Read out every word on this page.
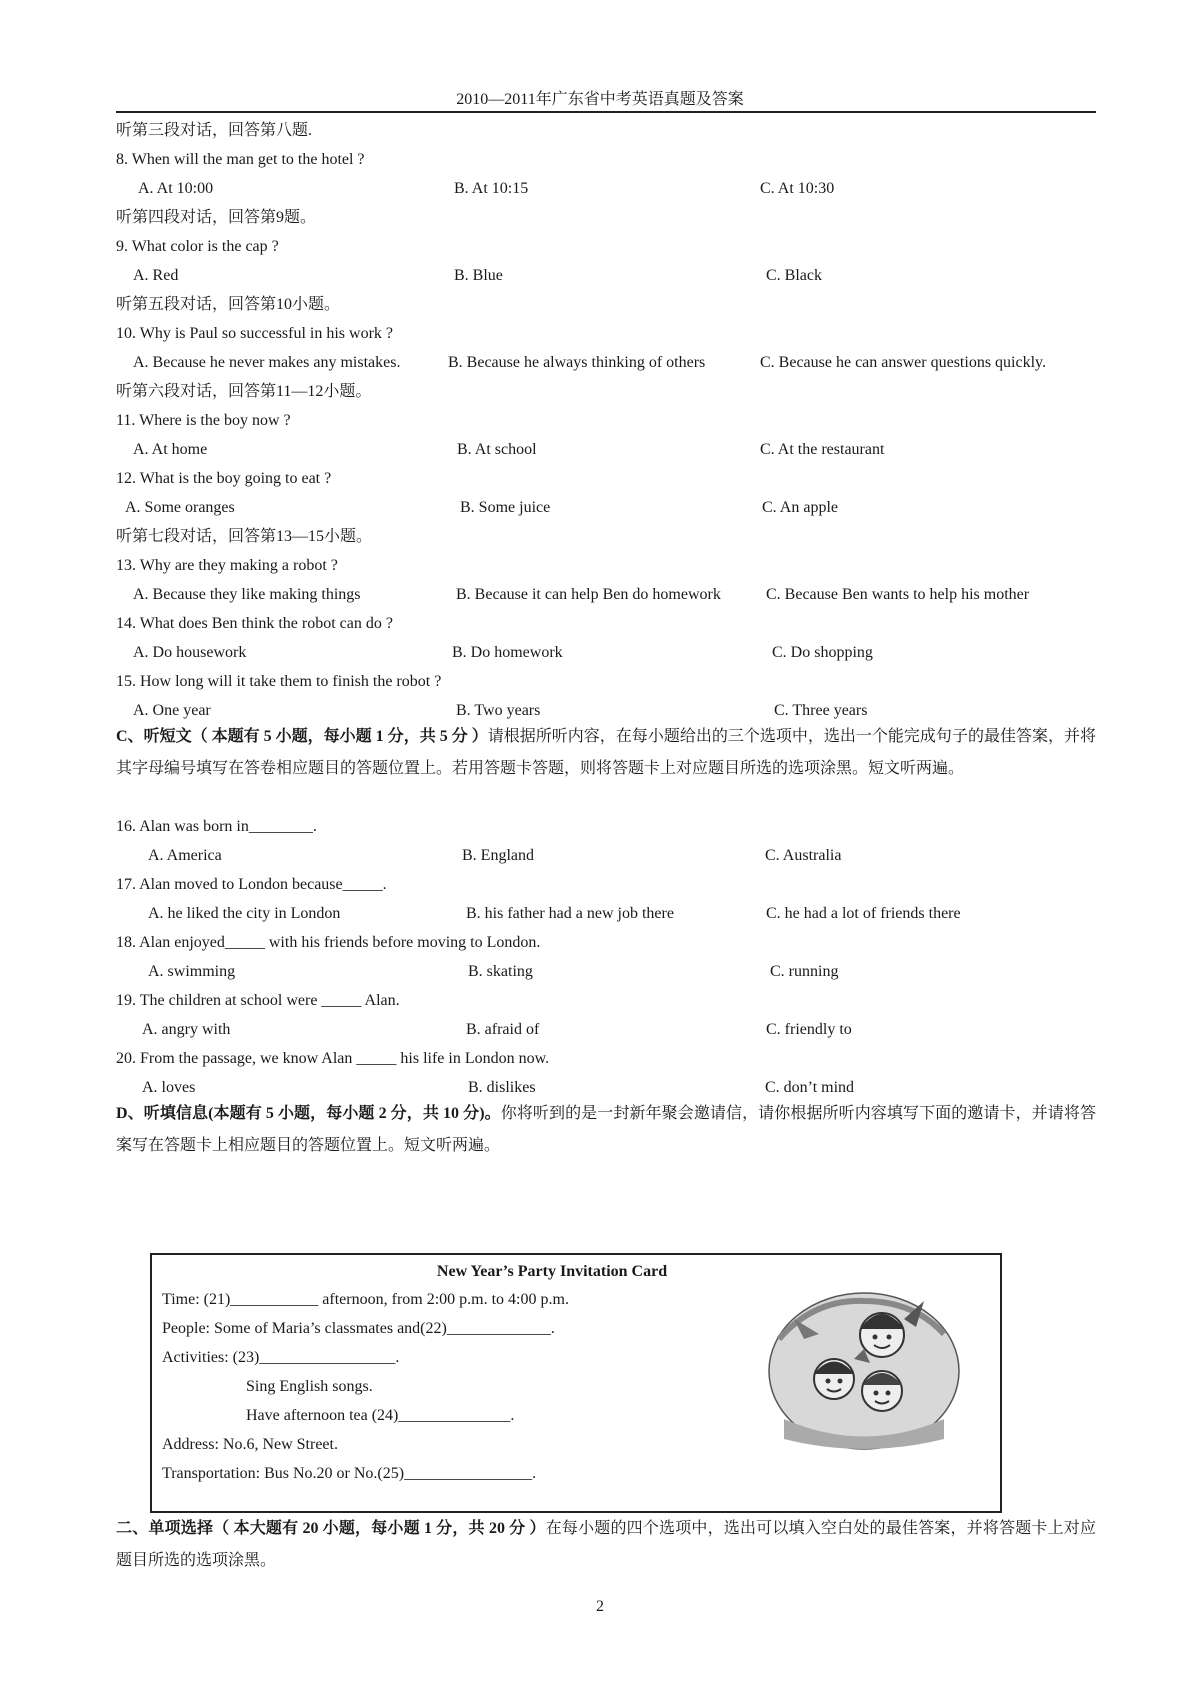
2010—2011年广东省中考英语真题及答案
听第三段对话，回答第八题.
8. When will the man get to the hotel ?
A. At 10:00	B. At 10:15	C. At 10:30
听第四段对话，回答第9题。
9. What color is the cap ?
A. Red	B. Blue	C. Black
听第五段对话，回答第10小题。
10. Why is Paul so successful in his work ?
A. Because he never makes any mistakes.	B. Because he always thinking of others	C. Because he can answer questions quickly.
听第六段对话，回答第11—12小题。
11. Where is the boy now ?
A. At home	B. At school	C. At the restaurant
12. What is the boy going to eat ?
A. Some oranges	B. Some juice	C. An apple
听第七段对话，回答第13—15小题。
13. Why are they making a robot ?
A. Because they like making things	B. Because it can help Ben do homework	C. Because Ben wants to help his mother
14. What does Ben think the robot can do ?
A. Do housework	B. Do homework	C. Do shopping
15. How long will it take them to finish the robot ?
A. One year	B. Two years	C. Three years
C、听短文（ 本题有 5 小题，每小题 1 分，共 5 分 ）请根据所听内容，在每小题给出的三个选项中，选出一个能完成句子的最佳答案，并将其字母编号填写在答卷相应题目的答题位置上。若用答题卡答题，则将答题卡上对应题目所选的选项涂黑。短文听两遍。
16. Alan was born in________.
A. America	B. England	C. Australia
17. Alan moved to London because_____.
A. he liked the city in London	B. his father had a new job there	C. he had a lot of friends there
18. Alan enjoyed_____ with his friends before moving to London.
A. swimming	B. skating	C. running
19. The children at school were _____ Alan.
A. angry with	B. afraid of	C. friendly to
20. From the passage, we know Alan _____ his life in London now.
A. loves	B. dislikes	C. don’t mind
D、听填信息(本题有 5 小题，每小题 2 分，共 10 分)。你将听到的是一封新年聚会邀请信，请你根据所听内容填写下面的邀请卡，并请将答案写在答题卡上相应题目的答题位置上。短文听两遍。
New Year’s Party Invitation Card
Time: (21)___________ afternoon, from 2:00 p.m. to 4:00 p.m.
People: Some of Maria’s classmates and(22)_____________.
Activities: (23)_________________.
Sing English songs.
Have afternoon tea (24)______________.
Address: No.6, New Street.
Transportation: Bus No.20 or No.(25)________________.
二、单项选择（ 本大题有 20 小题，每小题 1 分，共 20 分 ）在每小题的四个选项中，选出可以填入空白处的最佳答案，并将答题卡上对应题目所选的选项涂黑。
2
